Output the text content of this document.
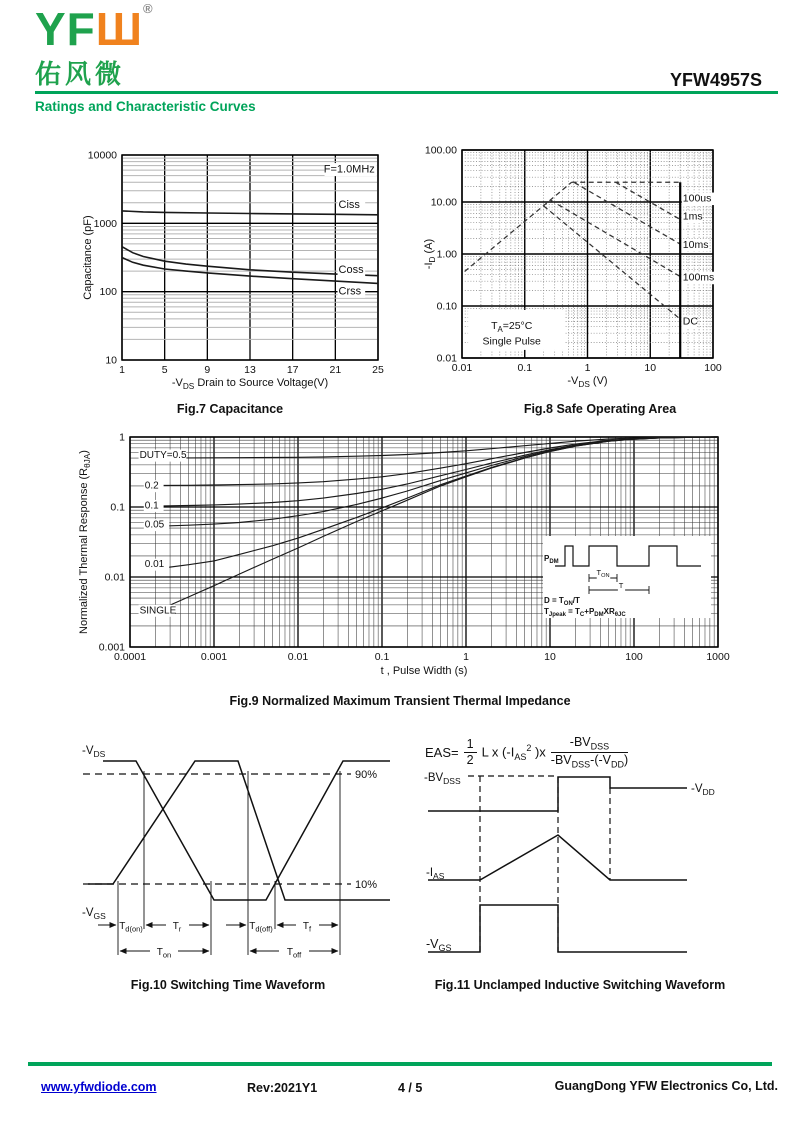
YFШ®
佑风微	YFW4957S
Ratings and Characteristic Curves
F=1.0MHz
Ciss
Coss
Crss
1	5	9	13	17	21	25
10000
1000
100
10
$-V_{DS}$ Drain to Source Voltage(V)
Capacitance (pF)
Fig.7 Capacitance
$T_A=25^\circ C$
Single Pulse
100us
1ms
10ms
100ms
DC
0.01	0.1	1	10	100
100.00
10.00
1.00
0.10
0.01
$-V_{DS}$ (V)
$-I_D$ (A)
Fig.8 Safe Operating Area
DUTY=0.5
0.2
0.1
0.05
0.01
SINGLE
0.0001	0.001	0.01	0.1	1	10	100	1000
1
0.1
0.01
0.001
t , Pulse Width (s)
Normalized Thermal Response $(R_{\theta JA})$
$P_{DM}$
$T_{ON}$
T
$D = T_{ON}/T$
$T_{Jpeak} = T_C+P_{DM}XR_{\theta JC}$
Fig.9 Normalized Maximum Transient Thermal Impedance
$-V_{DS}$
$-V_{GS}$
90%
10%
$T_{d(on)}$	$T_r$	$T_{d(off)}$	$T_f$
$T_{on}$	$T_{off}$
Fig.10 Switching Time Waveform
$EAS= \frac{1}{2}$ L x ($-I_{AS}^2$ )$x \frac{-BV_{DSS}}{-BV_{DSS}-(-V_{DD})}$
$-BV_{DSS}$
$-V_{DD}$
$-I_{AS}$
$-V_{GS}$
Fig.11 Unclamped Inductive Switching Waveform
www.yfwdiode.com	Rev:2021Y1	4 / 5	GuangDong YFW Electronics Co, Ltd.
